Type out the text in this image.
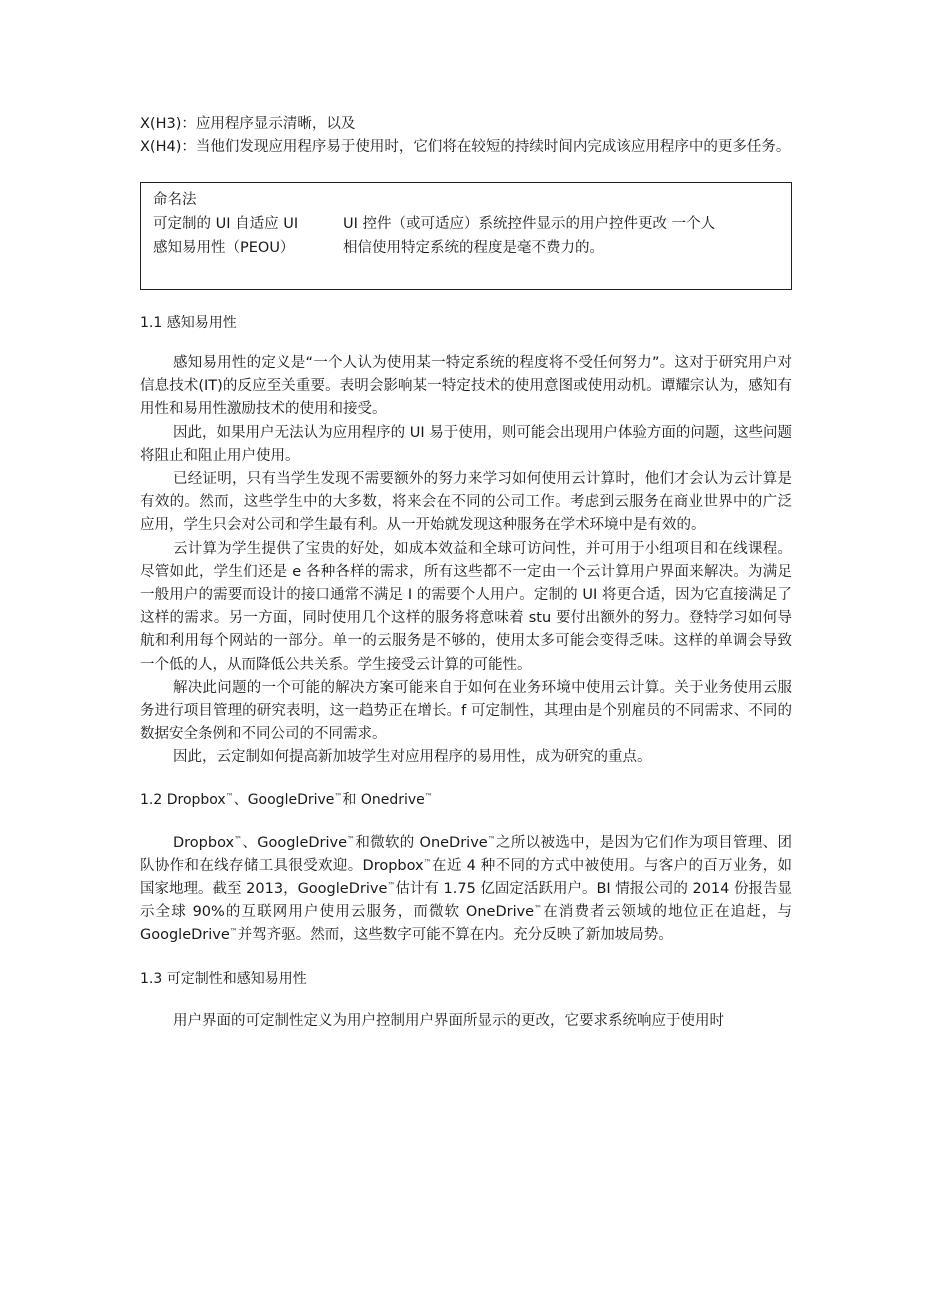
X(H3)：应用程序显示清晰，以及

X(H4)：当他们发现应用程序易于使用时，它们将在较短的持续时间内完成该应用程序中的更多任务。

命名法
可定制的 UI 自适应 UI	UI 控件（或可适应）系统控件显示的用户控件更改 一个人
感知易用性（PEOU）	相信使用特定系统的程度是毫不费力的。
1.1 感知易用性

感知易用性的定义是“一个人认为使用某一特定系统的程度将不受任何努力”。这对于研究用户对信息技术(IT)的反应至关重要。表明会影响某一特定技术的使用意图或使用动机。谭耀宗认为，感知有用性和易用性激励技术的使用和接受。

因此，如果用户无法认为应用程序的 UI 易于使用，则可能会出现用户体验方面的问题，这些问题将阻止和阻止用户使用。

已经证明，只有当学生发现不需要额外的努力来学习如何使用云计算时，他们才会认为云计算是有效的。然而，这些学生中的大多数，将来会在不同的公司工作。考虑到云服务在商业世界中的广泛应用，学生只会对公司和学生最有利。从一开始就发现这种服务在学术环境中是有效的。

云计算为学生提供了宝贵的好处，如成本效益和全球可访问性，并可用于小组项目和在线课程。尽管如此，学生们还是 e 各种各样的需求，所有这些都不一定由一个云计算用户界面来解决。为满足一般用户的需要而设计的接口通常不满足 I 的需要个人用户。定制的 UI 将更合适，因为它直接满足了这样的需求。另一方面，同时使用几个这样的服务将意味着 stu 要付出额外的努力。登特学习如何导航和利用每个网站的一部分。单一的云服务是不够的，使用太多可能会变得乏味。这样的单调会导致一个低的人，从而降低公共关系。学生接受云计算的可能性。

解决此问题的一个可能的解决方案可能来自于如何在业务环境中使用云计算。关于业务使用云服务进行项目管理的研究表明，这一趋势正在增长。f 可定制性，其理由是个别雇员的不同需求、不同的数据安全条例和不同公司的不同需求。

因此，云定制如何提高新加坡学生对应用程序的易用性，成为研究的重点。

1.2 Dropbox™、GoogleDrive™和 Onedrive™

Dropbox™、GoogleDrive™和微软的 OneDrive™之所以被选中，是因为它们作为项目管理、团队协作和在线存储工具很受欢迎。Dropbox™在近 4 种不同的方式中被使用。与客户的百万业务，如国家地理。截至 2013，GoogleDrive™估计有 1.75 亿固定活跃用户。BI 情报公司的 2014 份报告显示全球 90%的互联网用户使用云服务，而微软 OneDrive™在消费者云领域的地位正在追赶，与 GoogleDrive™并驾齐驱。然而，这些数字可能不算在内。充分反映了新加坡局势。

1.3 可定制性和感知易用性

用户界面的可定制性定义为用户控制用户界面所显示的更改，它要求系统响应于使用时
